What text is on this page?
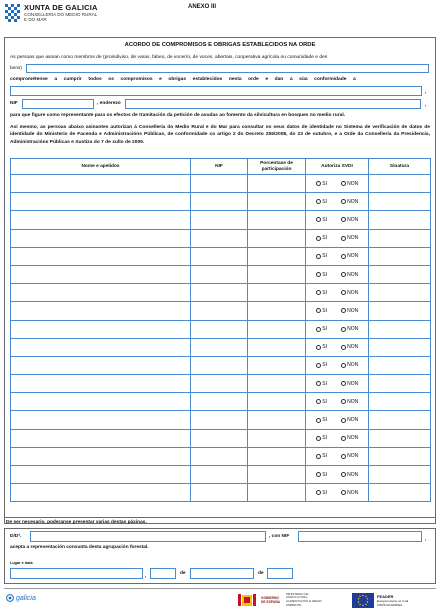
XUNTA DE GALICIA
CONSELLERÍA DO MEDIO RURAL
E DO MAR
ANEXO III
ACORDO DE COMPROMISOS E OBRIGAS ESTABLECIDOS NA ORDE
As persoas que asinan como membros de (proindiviso, de varas, fabeo, de vocerío, de voces, abertais, cooperativa agrícola ou comunidade e des
bens)
comprométense a cumprir todos os compromisos e obrigas establecidos nesta orde e dan a súa conformidade a
,
NIF	, enderezo	,
para que figure como representante para os efectos de tramitación da petición de axudas ao fomento da silvicultura en bosques no medio rural.
Así mesmo, as persoas abaixo asinantes autorizan á Consellería do Medio Rural e do Mar para consultar os seus datos de identidade no Sistema de verificación de datos de identidade do Ministerio de Facenda e Administracións Públicas, de conformidade co artigo 2 do Decreto 255/2008, do 23 de outubro, e a Orde da Consellería da Presidencia, Administracións Públicas e Xustiza do 7 de xullo de 2009.
Nome e apelidos	NIF	Porcentaxe de participación	Autoriza SVDI	Sinatura

			SI NON	

			SI NON	

			SI NON	

			SI NON	

			SI NON	

			SI NON	

			SI NON	

			SI NON	

			SI NON	

			SI NON	

			SI NON	

			SI NON	

			SI NON	

			SI NON	

			SI NON	

			SI NON	

			SI NON	

			SI NON	

De ser necesario, poderanse presentar varias destas páxinas.
D/Dª.	, con NIF
,
acepta a representación conxunta desta agrupación forestal.
Lugar e data
,
de	de
galicia	GOBIERNO DE ESPAÑA
MINISTERIO DE AGRICULTURA, ALIMENTACIÓN E MEDIO AMBIENTE
FEADER
Europa invierte no rural
UNIÓN EUROPEA
